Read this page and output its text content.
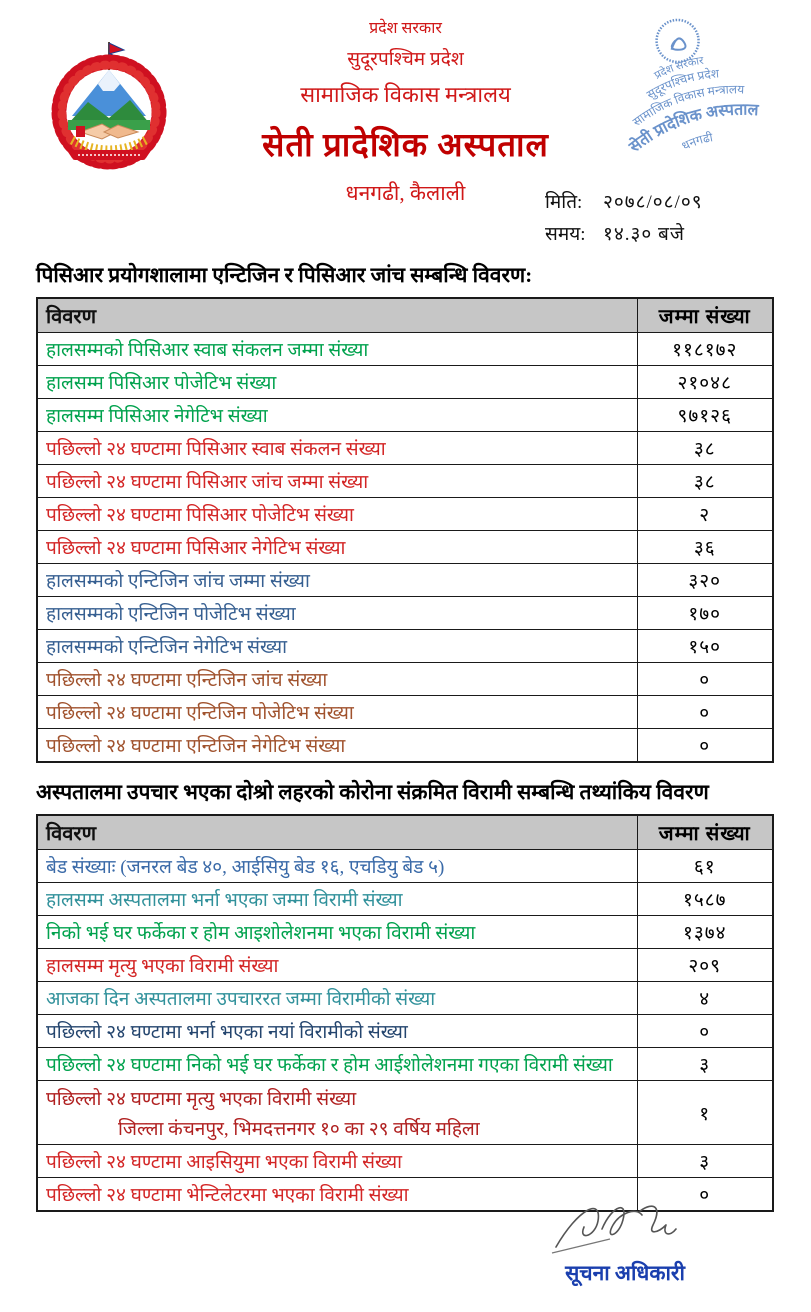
प्रदेश सरकार
सुदूरपश्चिम प्रदेश
सामाजिक विकास मन्त्रालय
सेती प्रादेशिक अस्पताल
धनगढी, कैलाली
प्रदेश सरकार
सुदूरपश्चिम प्रदेश
सामाजिक विकास मन्त्रालय
सेती प्रादेशिक अस्पताल
धनगढी
मिति:	२०७८/०८/०९
समय: १४.३० बजे
पिसिआर प्रयोगशालामा एन्टिजिन र पिसिआर जांच सम्बन्धि विवरण:
विवरण	जम्मा संख्या
हालसम्मको पिसिआर स्वाब संकलन जम्मा संख्या	११८१७२
हालसम्म पिसिआर पोजेटिभ संख्या	२१०४८
हालसम्म पिसिआर नेगेटिभ संख्या	९७१२६
पछिल्लो २४ घण्टामा पिसिआर स्वाब संकलन संख्या	३८
पछिल्लो २४ घण्टामा पिसिआर जांच जम्मा संख्या	३८
पछिल्लो २४ घण्टामा पिसिआर पोजेटिभ संख्या	२
पछिल्लो २४ घण्टामा पिसिआर नेगेटिभ संख्या	३६
हालसम्मको एन्टिजिन जांच जम्मा संख्या	३२०
हालसम्मको एन्टिजिन पोजेटिभ संख्या	१७०
हालसम्मको एन्टिजिन नेगेटिभ संख्या	१५०
पछिल्लो २४ घण्टामा एन्टिजिन जांच संख्या	०
पछिल्लो २४ घण्टामा एन्टिजिन पोजेटिभ संख्या	०
पछिल्लो २४ घण्टामा एन्टिजिन नेगेटिभ संख्या	०
अस्पतालमा उपचार भएका दोश्रो लहरको कोरोना संक्रमित विरामी सम्बन्धि तथ्यांकिय विवरण
विवरण	जम्मा संख्या
बेड संख्याः (जनरल बेड ४०, आईसियु बेड १६, एचडियु बेड ५)	६१
हालसम्म अस्पतालमा भर्ना भएका जम्मा विरामी संख्या	१५८७
निको भई घर फर्केका र होम आइशोलेशनमा भएका विरामी संख्या	१३७४
हालसम्म मृत्यु भएका विरामी संख्या	२०९
आजका दिन अस्पतालमा उपचाररत जम्मा विरामीको संख्या	४
पछिल्लो २४ घण्टामा भर्ना भएका नयां विरामीको संख्या	०
पछिल्लो २४ घण्टामा निको भई घर फर्केका र होम आईशोलेशनमा गएका विरामी संख्या	३

पछिल्लो २४ घण्टामा मृत्यु भएका विरामी संख्या
जिल्ला कंचनपुर, भिमदत्तनगर १० का २९ वर्षिय महिला	१
पछिल्लो २४ घण्टामा आइसियुमा भएका विरामी संख्या	३
पछिल्लो २४ घण्टामा भेन्टिलेटरमा भएका विरामी संख्या	०
सूचना अधिकारी
